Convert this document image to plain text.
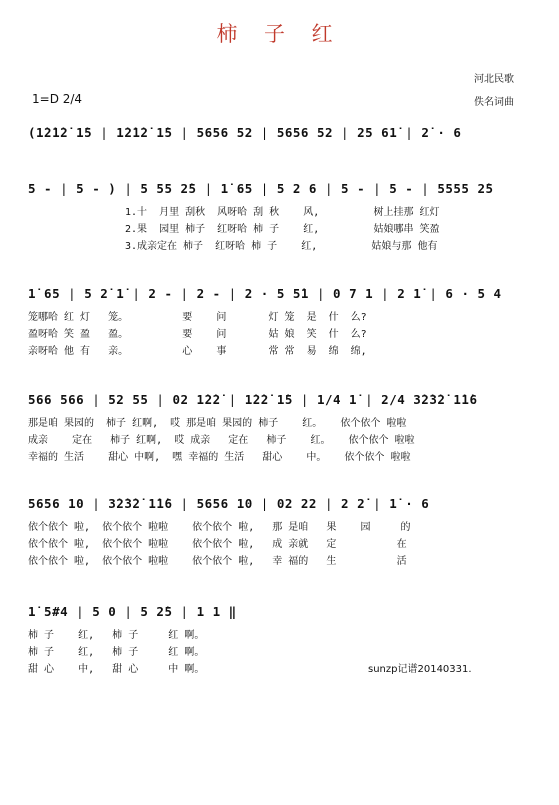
柿 子 红
河北民歌
佚名词曲
1=D 2/4
(1̇2̇1̇2̇ 1̇5 | 1̇2̇1̇2̇ 1̇5 | 5656 52 | 5656 52 | 25 61̇ | 2̇ · 6
5 - | 5 - ) | 5 55 2̇5 | 1̇ 65 | 5 2 6 | 5 - | 5 - | 5555 2̇5
1.十  月里 刮秋  风呀哈 刮 秋    风,         树上挂那 红灯
2.果  园里 柿子  红呀哈 柿 子    红,         姑娘哪串 笑盈
3.成亲定在 柿子  红呀哈 柿 子    红,         姑娘与那 他有
1̇ 65 | 5 2̇ 1̇ | 2 - | 2 - | 2 · 5 5̇1 | 0 7 1 | 2 1̇ | 6 · 5 4
笼哪哈 红 灯   笼。         要    问       灯 笼  是  什  么?
盈呀哈 笑 盈   盈。         要    问       姑 娘  笑  什  么?
亲呀哈 他 有   亲。         心    事       常 常  易  绵  绵,
566 566 | 52 55 | 02 1̇2̇2̇ | 1̇2̇2̇ 1̇5 | 1/4 1̇ | 2/4 3̇2̇3̇2̇ 1̇1̇6
那是咱 果园的  柿子 红啊,  哎 那是咱 果园的 柿子    红。   依个依个 啦啦
成亲    定在   柿子 红啊,  哎 成亲   定在   柿子    红。   依个依个 啦啦
幸福的 生活    甜心 中啊,  嘿 幸福的 生活   甜心    中。   依个依个 啦啦
5656 10 | 3̇2̇3̇2̇ 1̇1̇6 | 5656 10 | 02 22 | 2 2̇ | 1̇ · 6
依个依个 啦,  依个依个 啦啦    依个依个 啦,   那 是咱   果    园     的
依个依个 啦,  依个依个 啦啦    依个依个 啦,   成 亲就   定          在
依个依个 啦,  依个依个 啦啦    依个依个 啦,   幸 福的   生          活
1̇ 5#4 | 5 0 | 5 2̇5 | 1 1 ‖
柿 子    红,   柿 子     红 啊。
柿 子    红,   柿 子     红 啊。
甜 心    中,   甜 心     中 啊。	sunzp记谱20140331.
